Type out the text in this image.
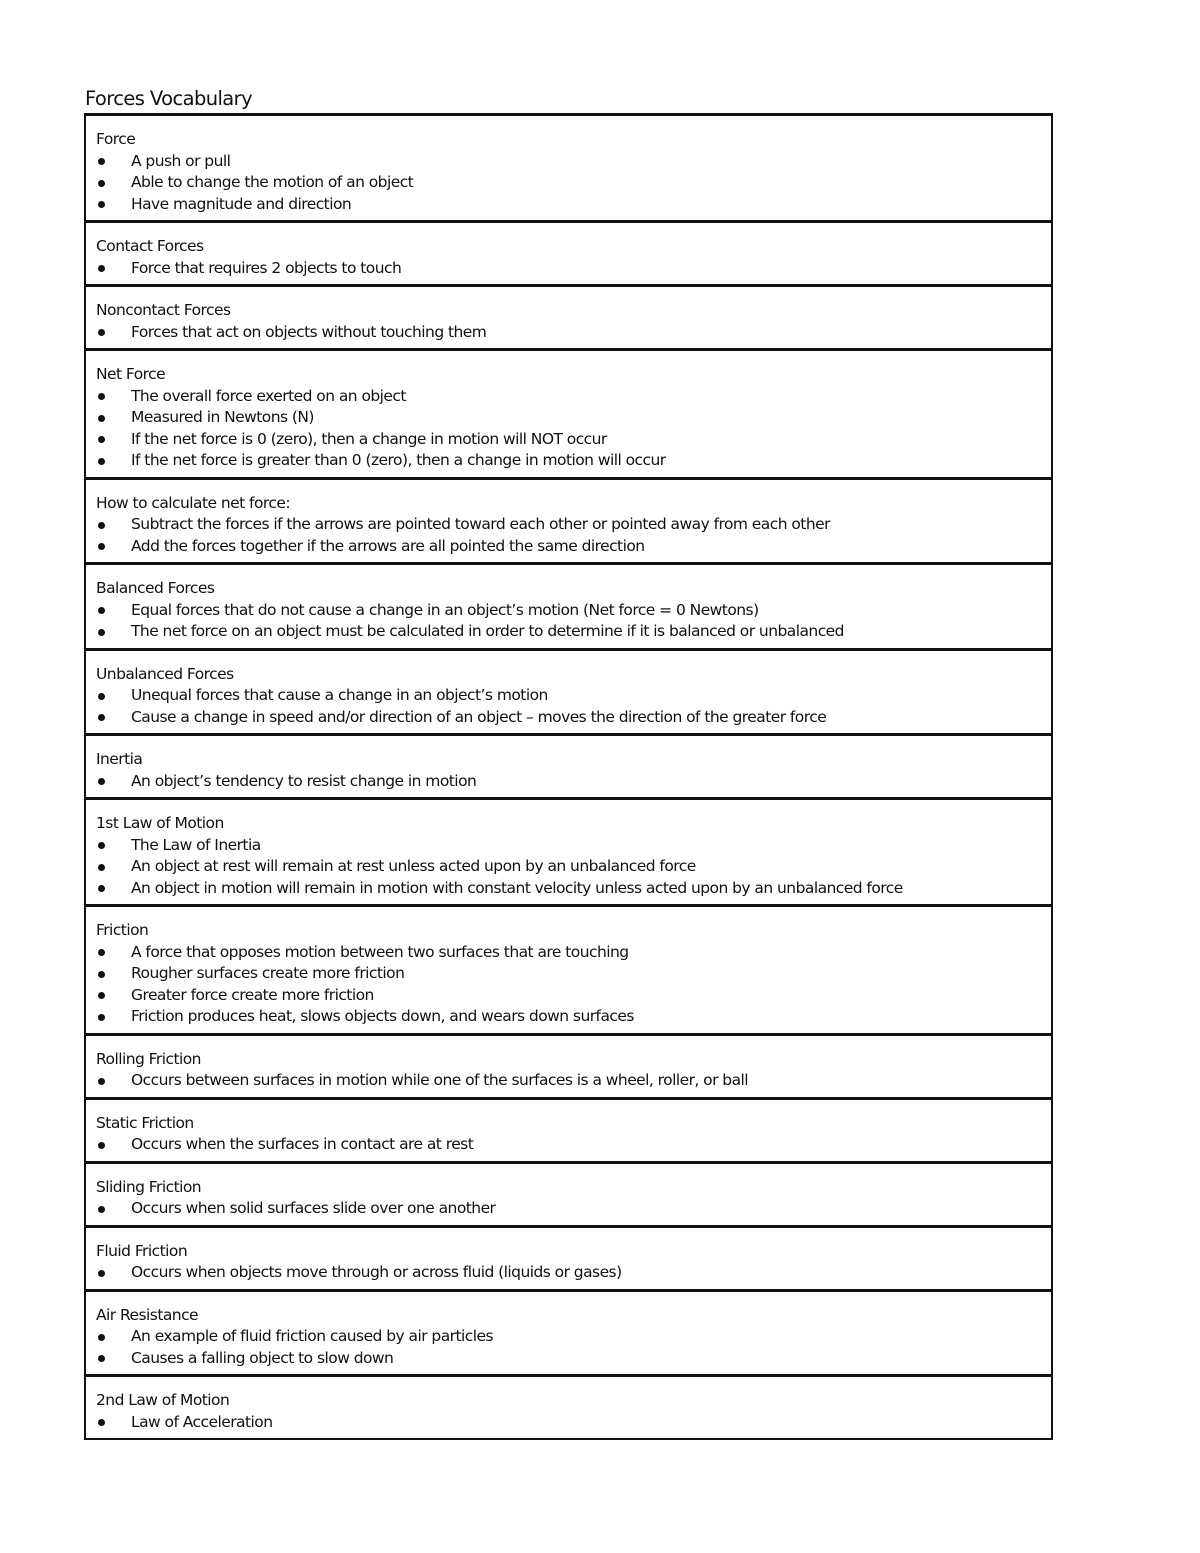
Forces Vocabulary
Force
A push or pull
Able to change the motion of an object
Have magnitude and direction
Contact Forces
Force that requires 2 objects to touch
Noncontact Forces
Forces that act on objects without touching them
Net Force
The overall force exerted on an object
Measured in Newtons (N)
If the net force is 0 (zero), then a change in motion will NOT occur
If the net force is greater than 0 (zero), then a change in motion will occur
How to calculate net force:
Subtract the forces if the arrows are pointed toward each other or pointed away from each other
Add the forces together if the arrows are all pointed the same direction
Balanced Forces
Equal forces that do not cause a change in an object’s motion (Net force = 0 Newtons)
The net force on an object must be calculated in order to determine if it is balanced or unbalanced
Unbalanced Forces
Unequal forces that cause a change in an object’s motion
Cause a change in speed and/or direction of an object – moves the direction of the greater force
Inertia
An object’s tendency to resist change in motion
1st Law of Motion
The Law of Inertia
An object at rest will remain at rest unless acted upon by an unbalanced force
An object in motion will remain in motion with constant velocity unless acted upon by an unbalanced force
Friction
A force that opposes motion between two surfaces that are touching
Rougher surfaces create more friction
Greater force create more friction
Friction produces heat, slows objects down, and wears down surfaces
Rolling Friction
Occurs between surfaces in motion while one of the surfaces is a wheel, roller, or ball
Static Friction
Occurs when the surfaces in contact are at rest
Sliding Friction
Occurs when solid surfaces slide over one another
Fluid Friction
Occurs when objects move through or across fluid (liquids or gases)
Air Resistance
An example of fluid friction caused by air particles
Causes a falling object to slow down
2nd Law of Motion
Law of Acceleration
